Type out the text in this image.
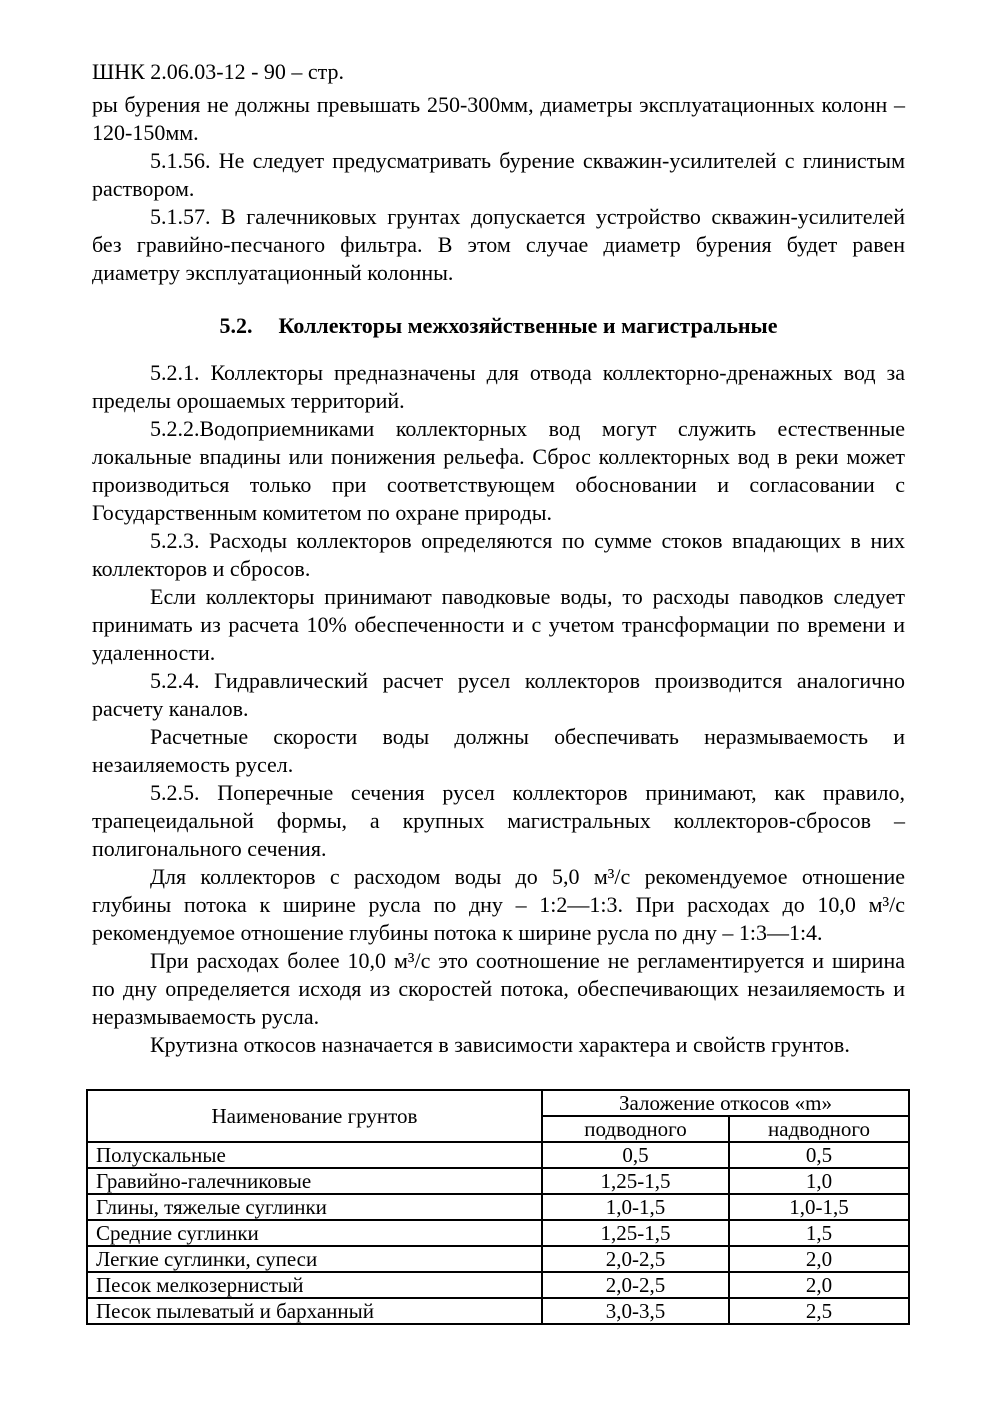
ШНК 2.06.03-12 - 90 – стр.

ры бурения не должны превышать 250-300мм, диаметры эксплуатационных колонн – 120-150мм.

5.1.56. Не следует предусматривать бурение скважин-усилителей с глинистым раствором.

5.1.57. В галечниковых грунтах допускается устройство скважин-усилителей без гравийно-песчаного фильтра. В этом случае диаметр бурения будет равен диаметру эксплуатационный колонны.

5.2. Коллекторы межхозяйственные и магистральные

5.2.1. Коллекторы предназначены для отвода коллекторно-дренажных вод за пределы орошаемых территорий.

5.2.2.Водоприемниками коллекторных вод могут служить естественные локальные впадины или понижения рельефа. Сброс коллекторных вод в реки может производиться только при соответствующем обосновании и согласовании с Государственным комитетом по охране природы.

5.2.3. Расходы коллекторов определяются по сумме стоков впадающих в них коллекторов и сбросов.

Если коллекторы принимают паводковые воды, то расходы паводков следует принимать из расчета 10% обеспеченности и с учетом трансформации по времени и удаленности.

5.2.4. Гидравлический расчет русел коллекторов производится аналогично расчету каналов.

Расчетные скорости воды должны обеспечивать неразмываемость и незаиляемость русел.

5.2.5. Поперечные сечения русел коллекторов принимают, как правило, трапецеидальной формы, а крупных магистральных коллекторов-сбросов – полигонального сечения.

Для коллекторов с расходом воды до 5,0 м³/с рекомендуемое отношение глубины потока к ширине русла по дну – 1:2—1:3. При расходах до 10,0 м³/с рекомендуемое отношение глубины потока к ширине русла по дну – 1:3—1:4.

При расходах более 10,0 м³/с это соотношение не регламентируется и ширина по дну определяется исходя из скоростей потока, обеспечивающих незаиляемость и неразмываемость русла.

Крутизна откосов назначается в зависимости характера и свойств грунтов.

Наименование грунтов	Заложение откосов «m»	
	подводного	надводного
Полускальные	0,5	0,5
Гравийно-галечниковые	1,25-1,5	1,0
Глины, тяжелые суглинки	1,0-1,5	1,0-1,5
Средние суглинки	1,25-1,5	1,5
Легкие суглинки, супеси	2,0-2,5	2,0
Песок мелкозернистый	2,0-2,5	2,0
Песок пылеватый и барханный	3,0-3,5	2,5
